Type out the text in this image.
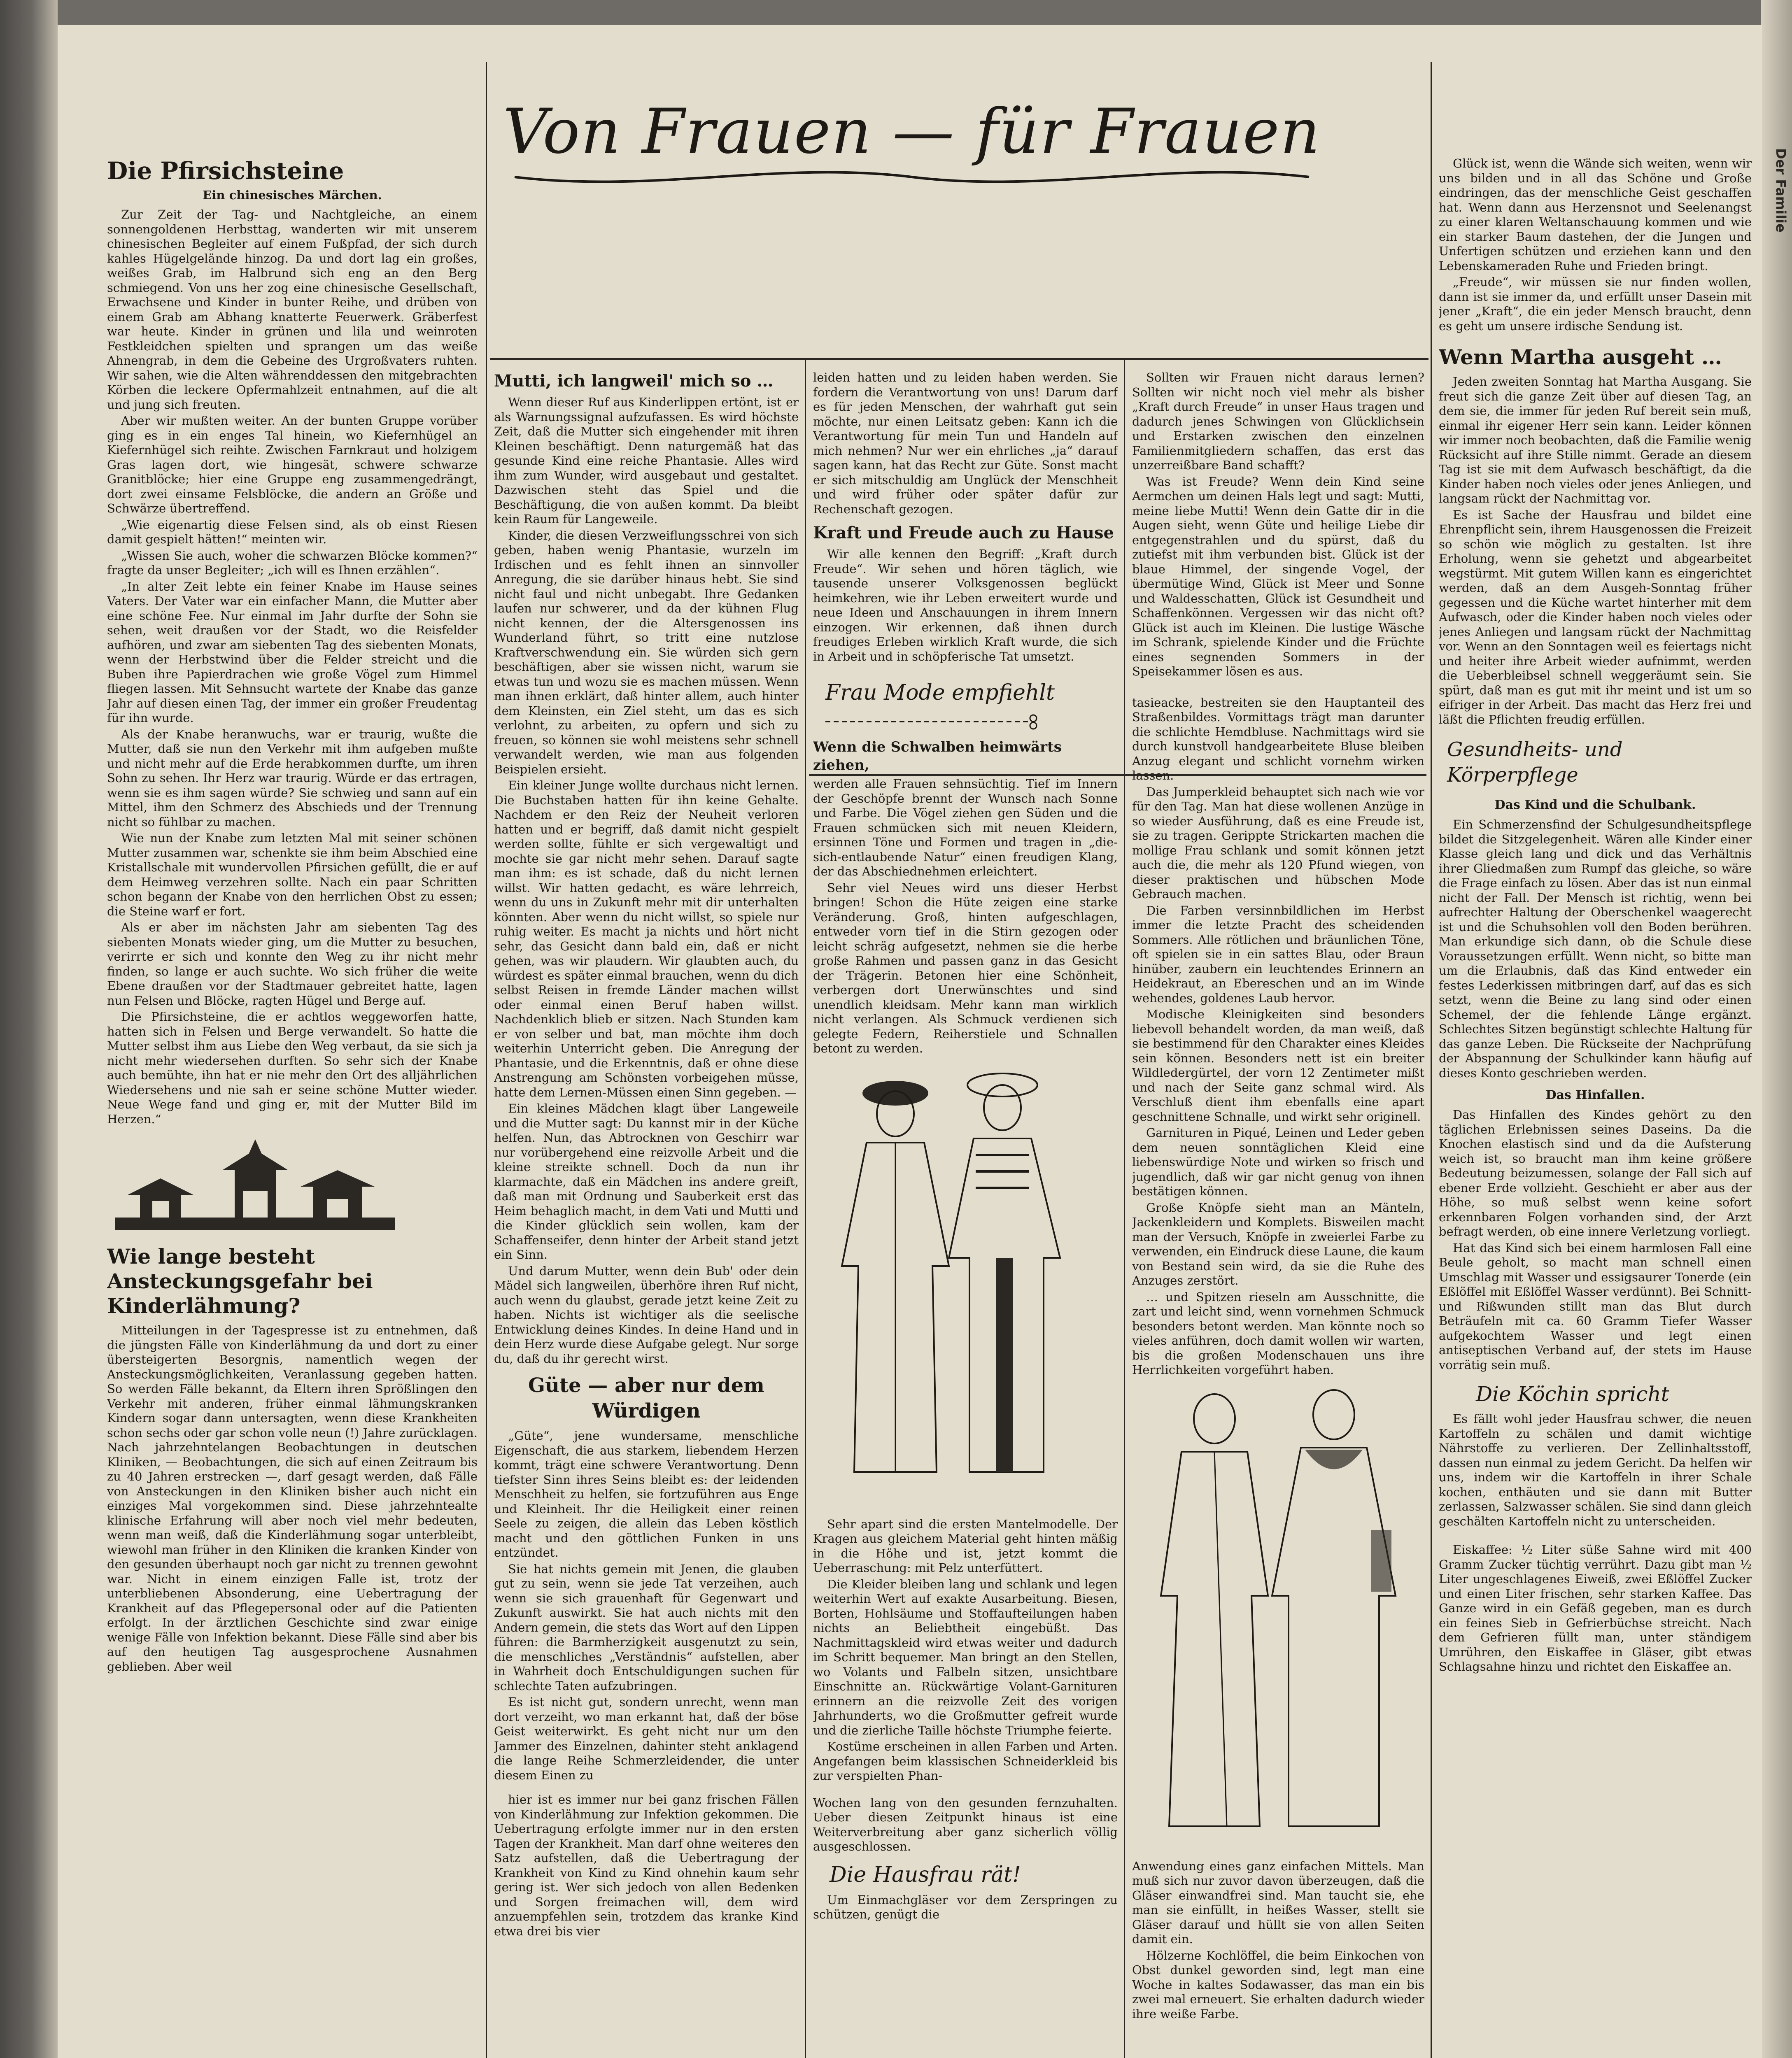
Von Frauen — für Frauen
Die Pfirsichsteine
Ein chinesisches Märchen.

Zur Zeit der Tag- und Nachtgleiche, an einem sonnengoldenen Herbsttag, wanderten wir mit unserem chinesischen Begleiter auf einem Fußpfad, der sich durch kahles Hügelgelände hinzog. Da und dort lag ein großes, weißes Grab, im Halbrund sich eng an den Berg schmiegend. Von uns her zog eine chinesische Gesellschaft, Erwachsene und Kinder in bunter Reihe, und drüben von einem Grab am Abhang knatterte Feuerwerk. Gräberfest war heute. Kinder in grünen und lila und weinroten Festkleidchen spielten und sprangen um das weiße Ahnengrab, in dem die Gebeine des Urgroßvaters ruhten. Wir sahen, wie die Alten währenddessen den mitgebrachten Körben die leckere Opfermahlzeit entnahmen, auf die alt und jung sich freuten.

Aber wir mußten weiter. An der bunten Gruppe vorüber ging es in ein enges Tal hinein, wo Kiefernhügel an Kiefernhügel sich reihte. Zwischen Farnkraut und holzigem Gras lagen dort, wie hingesät, schwere schwarze Granitblöcke; hier eine Gruppe eng zusammengedrängt, dort zwei einsame Felsblöcke, die andern an Größe und Schwärze übertreffend.

„Wie eigenartig diese Felsen sind, als ob einst Riesen damit gespielt hätten!“ meinten wir.

„Wissen Sie auch, woher die schwarzen Blöcke kommen?“ fragte da unser Begleiter; „ich will es Ihnen erzählen“.

„In alter Zeit lebte ein feiner Knabe im Hause seines Vaters. Der Vater war ein einfacher Mann, die Mutter aber eine schöne Fee. Nur einmal im Jahr durfte der Sohn sie sehen, weit draußen vor der Stadt, wo die Reisfelder aufhören, und zwar am siebenten Tag des siebenten Monats, wenn der Herbstwind über die Felder streicht und die Buben ihre Papierdrachen wie große Vögel zum Himmel fliegen lassen. Mit Sehnsucht wartete der Knabe das ganze Jahr auf diesen einen Tag, der immer ein großer Freudentag für ihn wurde.

Als der Knabe heranwuchs, war er traurig, wußte die Mutter, daß sie nun den Verkehr mit ihm aufgeben mußte und nicht mehr auf die Erde herabkommen durfte, um ihren Sohn zu sehen. Ihr Herz war traurig. Würde er das ertragen, wenn sie es ihm sagen würde? Sie schwieg und sann auf ein Mittel, ihm den Schmerz des Abschieds und der Trennung nicht so fühlbar zu machen.

Wie nun der Knabe zum letzten Mal mit seiner schönen Mutter zusammen war, schenkte sie ihm beim Abschied eine Kristallschale mit wundervollen Pfirsichen gefüllt, die er auf dem Heimweg verzehren sollte. Nach ein paar Schritten schon begann der Knabe von den herrlichen Obst zu essen; die Steine warf er fort.

Als er aber im nächsten Jahr am siebenten Tag des siebenten Monats wieder ging, um die Mutter zu besuchen, verirrte er sich und konnte den Weg zu ihr nicht mehr finden, so lange er auch suchte. Wo sich früher die weite Ebene draußen vor der Stadtmauer gebreitet hatte, lagen nun Felsen und Blöcke, ragten Hügel und Berge auf.

Die Pfirsichsteine, die er achtlos weggeworfen hatte, hatten sich in Felsen und Berge verwandelt. So hatte die Mutter selbst ihm aus Liebe den Weg verbaut, da sie sich ja nicht mehr wiedersehen durften. So sehr sich der Knabe auch bemühte, ihn hat er nie mehr den Ort des alljährlichen Wiedersehens und nie sah er seine schöne Mutter wieder. Neue Wege fand und ging er, mit der Mutter Bild im Herzen.“

Wie lange besteht Ansteckungsgefahr bei Kinderlähmung?

Mitteilungen in der Tagespresse ist zu entnehmen, daß die jüngsten Fälle von Kinderlähmung da und dort zu einer übersteigerten Besorgnis, namentlich wegen der Ansteckungsmöglichkeiten, Veranlassung gegeben hatten. So werden Fälle bekannt, da Eltern ihren Sprößlingen den Verkehr mit anderen, früher einmal lähmungskranken Kindern sogar dann untersagten, wenn diese Krankheiten schon sechs oder gar schon volle neun (!) Jahre zurücklagen. Nach jahrzehntelangen Beobachtungen in deutschen Kliniken, — Beobachtungen, die sich auf einen Zeitraum bis zu 40 Jahren erstrecken —, darf gesagt werden, daß Fälle von Ansteckungen in den Kliniken bisher auch nicht ein einziges Mal vorgekommen sind. Diese jahrzehntealte klinische Erfahrung will aber noch viel mehr bedeuten, wenn man weiß, daß die Kinderlähmung sogar unterbleibt, wiewohl man früher in den Kliniken die kranken Kinder von den gesunden überhaupt noch gar nicht zu trennen gewohnt war. Nicht in einem einzigen Falle ist, trotz der unterbliebenen Absonderung, eine Uebertragung der Krankheit auf das Pflegepersonal oder auf die Patienten erfolgt. In der ärztlichen Geschichte sind zwar einige wenige Fälle von Infektion bekannt. Diese Fälle sind aber bis auf den heutigen Tag ausgesprochene Ausnahmen geblieben. Aber weil

Mutti, ich langweil' mich so …

Wenn dieser Ruf aus Kinderlippen ertönt, ist er als Warnungssignal aufzufassen. Es wird höchste Zeit, daß die Mutter sich eingehender mit ihren Kleinen beschäftigt. Denn naturgemäß hat das gesunde Kind eine reiche Phantasie. Alles wird ihm zum Wunder, wird ausgebaut und gestaltet. Dazwischen steht das Spiel und die Beschäftigung, die von außen kommt. Da bleibt kein Raum für Langeweile.

Kinder, die diesen Verzweiflungsschrei von sich geben, haben wenig Phantasie, wurzeln im Irdischen und es fehlt ihnen an sinnvoller Anregung, die sie darüber hinaus hebt. Sie sind nicht faul und nicht unbegabt. Ihre Gedanken laufen nur schwerer, und da der kühnen Flug nicht kennen, der die Altersgenossen ins Wunderland führt, so tritt eine nutzlose Kraftverschwendung ein. Sie würden sich gern beschäftigen, aber sie wissen nicht, warum sie etwas tun und wozu sie es machen müssen. Wenn man ihnen erklärt, daß hinter allem, auch hinter dem Kleinsten, ein Ziel steht, um das es sich verlohnt, zu arbeiten, zu opfern und sich zu freuen, so können sie wohl meistens sehr schnell verwandelt werden, wie man aus folgenden Beispielen ersieht.

Ein kleiner Junge wollte durchaus nicht lernen. Die Buchstaben hatten für ihn keine Gehalte. Nachdem er den Reiz der Neuheit verloren hatten und er begriff, daß damit nicht gespielt werden sollte, fühlte er sich vergewaltigt und mochte sie gar nicht mehr sehen. Darauf sagte man ihm: es ist schade, daß du nicht lernen willst. Wir hatten gedacht, es wäre lehrreich, wenn du uns in Zukunft mehr mit dir unterhalten könnten. Aber wenn du nicht willst, so spiele nur ruhig weiter. Es macht ja nichts und hört nicht sehr, das Gesicht dann bald ein, daß er nicht gehen, was wir plaudern. Wir glaubten auch, du würdest es später einmal brauchen, wenn du dich selbst Reisen in fremde Länder machen willst oder einmal einen Beruf haben willst. Nachdenklich blieb er sitzen. Nach Stunden kam er von selber und bat, man möchte ihm doch weiterhin Unterricht geben. Die Anregung der Phantasie, und die Erkenntnis, daß er ohne diese Anstrengung am Schönsten vorbeigehen müsse, hatte dem Lernen-Müssen einen Sinn gegeben. —

Ein kleines Mädchen klagt über Langeweile und die Mutter sagt: Du kannst mir in der Küche helfen. Nun, das Abtrocknen von Geschirr war nur vorübergehend eine reizvolle Arbeit und die kleine streikte schnell. Doch da nun ihr klarmachte, daß ein Mädchen ins andere greift, daß man mit Ordnung und Sauberkeit erst das Heim behaglich macht, in dem Vati und Mutti und die Kinder glücklich sein wollen, kam der Schaffenseifer, denn hinter der Arbeit stand jetzt ein Sinn.

Und darum Mutter, wenn dein Bub' oder dein Mädel sich langweilen, überhöre ihren Ruf nicht, auch wenn du glaubst, gerade jetzt keine Zeit zu haben. Nichts ist wichtiger als die seelische Entwicklung deines Kindes. In deine Hand und in dein Herz wurde diese Aufgabe gelegt. Nur sorge du, daß du ihr gerecht wirst.

Güte — aber nur dem Würdigen

„Güte“, jene wundersame, menschliche Eigenschaft, die aus starkem, liebendem Herzen kommt, trägt eine schwere Verantwortung. Denn tiefster Sinn ihres Seins bleibt es: der leidenden Menschheit zu helfen, sie fortzuführen aus Enge und Kleinheit. Ihr die Heiligkeit einer reinen Seele zu zeigen, die allein das Leben köstlich macht und den göttlichen Funken in uns entzündet.

Sie hat nichts gemein mit Jenen, die glauben gut zu sein, wenn sie jede Tat verzeihen, auch wenn sie sich grauenhaft für Gegenwart und Zukunft auswirkt. Sie hat auch nichts mit den Andern gemein, die stets das Wort auf den Lippen führen: die Barmherzigkeit ausgenutzt zu sein, die menschliches „Verständnis“ aufstellen, aber in Wahrheit doch Entschuldigungen suchen für schlechte Taten aufzubringen.

Es ist nicht gut, sondern unrecht, wenn man dort verzeiht, wo man erkannt hat, daß der böse Geist weiterwirkt. Es geht nicht nur um den Jammer des Einzelnen, dahinter steht anklagend die lange Reihe Schmerzleidender, die unter diesem Einen zu

hier ist es immer nur bei ganz frischen Fällen von Kinderlähmung zur Infektion gekommen. Die Uebertragung erfolgte immer nur in den ersten Tagen der Krankheit. Man darf ohne weiteres den Satz aufstellen, daß die Uebertragung der Krankheit von Kind zu Kind ohnehin kaum sehr gering ist. Wer sich jedoch von allen Bedenken und Sorgen freimachen will, dem wird anzuempfehlen sein, trotzdem das kranke Kind etwa drei bis vier

leiden hatten und zu leiden haben werden. Sie fordern die Verantwortung von uns! Darum darf es für jeden Menschen, der wahrhaft gut sein möchte, nur einen Leitsatz geben: Kann ich die Verantwortung für mein Tun und Handeln auf mich nehmen? Nur wer ein ehrliches „ja“ darauf sagen kann, hat das Recht zur Güte. Sonst macht er sich mitschuldig am Unglück der Menschheit und wird früher oder später dafür zur Rechenschaft gezogen.

Kraft und Freude auch zu Hause

Wir alle kennen den Begriff: „Kraft durch Freude“. Wir sehen und hören täglich, wie tausende unserer Volksgenossen beglückt heimkehren, wie ihr Leben erweitert wurde und neue Ideen und Anschauungen in ihrem Innern einzogen. Wir erkennen, daß ihnen durch freudiges Erleben wirklich Kraft wurde, die sich in Arbeit und in schöpferische Tat umsetzt.

Frau Mode empfiehlt
Wenn die Schwalben heimwärts ziehen,

werden alle Frauen sehnsüchtig. Tief im Innern der Geschöpfe brennt der Wunsch nach Sonne und Farbe. Die Vögel ziehen gen Süden und die Frauen schmücken sich mit neuen Kleidern, ersinnen Töne und Formen und tragen in „die-sich-entlaubende Natur“ einen freudigen Klang, der das Abschiednehmen erleichtert.

Sehr viel Neues wird uns dieser Herbst bringen! Schon die Hüte zeigen eine starke Veränderung. Groß, hinten aufgeschlagen, entweder vorn tief in die Stirn gezogen oder leicht schräg aufgesetzt, nehmen sie die herbe große Rahmen und passen ganz in das Gesicht der Trägerin. Betonen hier eine Schönheit, verbergen dort Unerwünschtes und sind unendlich kleidsam. Mehr kann man wirklich nicht verlangen. Als Schmuck verdienen sich gelegte Federn, Reiherstiele und Schnallen betont zu werden.

Sehr apart sind die ersten Mantelmodelle. Der Kragen aus gleichem Material geht hinten mäßig in die Höhe und ist, jetzt kommt die Ueberraschung: mit Pelz unterfüttert.

Die Kleider bleiben lang und schlank und legen weiterhin Wert auf exakte Ausarbeitung. Biesen, Borten, Hohlsäume und Stoffaufteilungen haben nichts an Beliebtheit eingebüßt. Das Nachmittagskleid wird etwas weiter und dadurch im Schritt bequemer. Man bringt an den Stellen, wo Volants und Falbeln sitzen, unsichtbare Einschnitte an. Rückwärtige Volant-Garnituren erinnern an die reizvolle Zeit des vorigen Jahrhunderts, wo die Großmutter gefreit wurde und die zierliche Taille höchste Triumphe feierte.

Kostüme erscheinen in allen Farben und Arten. Angefangen beim klassischen Schneiderkleid bis zur verspielten Phan-

Wochen lang von den gesunden fernzuhalten. Ueber diesen Zeitpunkt hinaus ist eine Weiterverbreitung aber ganz sicherlich völlig ausgeschlossen.

Die Hausfrau rät!

Um Einmachgläser vor dem Zerspringen zu schützen, genügt die

Sollten wir Frauen nicht daraus lernen? Sollten wir nicht noch viel mehr als bisher „Kraft durch Freude“ in unser Haus tragen und dadurch jenes Schwingen von Glücklichsein und Erstarken zwischen den einzelnen Familienmitgliedern schaffen, das erst das unzerreißbare Band schafft?

Was ist Freude? Wenn dein Kind seine Aermchen um deinen Hals legt und sagt: Mutti, meine liebe Mutti! Wenn dein Gatte dir in die Augen sieht, wenn Güte und heilige Liebe dir entgegenstrahlen und du spürst, daß du zutiefst mit ihm verbunden bist. Glück ist der blaue Himmel, der singende Vogel, der übermütige Wind, Glück ist Meer und Sonne und Waldesschatten, Glück ist Gesundheit und Schaffenkönnen. Vergessen wir das nicht oft? Glück ist auch im Kleinen. Die lustige Wäsche im Schrank, spielende Kinder und die Früchte eines segnenden Sommers in der Speisekammer lösen es aus.

tasieacke, bestreiten sie den Hauptanteil des Straßenbildes. Vormittags trägt man darunter die schlichte Hemdbluse. Nachmittags wird sie durch kunstvoll handgearbeitete Bluse bleiben Anzug elegant und schlicht vornehm wirken lassen.

Das Jumperkleid behauptet sich nach wie vor für den Tag. Man hat diese wollenen Anzüge in so wieder Ausführung, daß es eine Freude ist, sie zu tragen. Gerippte Strickarten machen die mollige Frau schlank und somit können jetzt auch die, die mehr als 120 Pfund wiegen, von dieser praktischen und hübschen Mode Gebrauch machen.

Die Farben versinnbildlichen im Herbst immer die letzte Pracht des scheidenden Sommers. Alle rötlichen und bräunlichen Töne, oft spielen sie in ein sattes Blau, oder Braun hinüber, zaubern ein leuchtendes Erinnern an Heidekraut, an Ebereschen und an im Winde wehendes, goldenes Laub hervor.

Modische Kleinigkeiten sind besonders liebevoll behandelt worden, da man weiß, daß sie bestimmend für den Charakter eines Kleides sein können. Besonders nett ist ein breiter Wildledergürtel, der vorn 12 Zentimeter mißt und nach der Seite ganz schmal wird. Als Verschluß dient ihm ebenfalls eine apart geschnittene Schnalle, und wirkt sehr originell.

Garnituren in Piqué, Leinen und Leder geben dem neuen sonntäglichen Kleid eine liebenswürdige Note und wirken so frisch und jugendlich, daß wir gar nicht genug von ihnen bestätigen können.

Große Knöpfe sieht man an Mänteln, Jackenkleidern und Komplets. Bisweilen macht man der Versuch, Knöpfe in zweierlei Farbe zu verwenden, ein Eindruck diese Laune, die kaum von Bestand sein wird, da sie die Ruhe des Anzuges zerstört.

… und Spitzen rieseln am Ausschnitte, die zart und leicht sind, wenn vornehmen Schmuck besonders betont werden. Man könnte noch so vieles anführen, doch damit wollen wir warten, bis die großen Modenschauen uns ihre Herrlichkeiten vorgeführt haben.

Anwendung eines ganz einfachen Mittels. Man muß sich nur zuvor davon überzeugen, daß die Gläser einwandfrei sind. Man taucht sie, ehe man sie einfüllt, in heißes Wasser, stellt sie Gläser darauf und hüllt sie von allen Seiten damit ein.

Hölzerne Kochlöffel, die beim Einkochen von Obst dunkel geworden sind, legt man eine Woche in kaltes Sodawasser, das man ein bis zwei mal erneuert. Sie erhalten dadurch wieder ihre weiße Farbe.

Glück ist, wenn die Wände sich weiten, wenn wir uns bilden und in all das Schöne und Große eindringen, das der menschliche Geist geschaffen hat. Wenn dann aus Herzensnot und Seelenangst zu einer klaren Weltanschauung kommen und wie ein starker Baum dastehen, der die Jungen und Unfertigen schützen und erziehen kann und den Lebenskameraden Ruhe und Frieden bringt.

„Freude“, wir müssen sie nur finden wollen, dann ist sie immer da, und erfüllt unser Dasein mit jener „Kraft“, die ein jeder Mensch braucht, denn es geht um unsere irdische Sendung ist.

Wenn Martha ausgeht …

Jeden zweiten Sonntag hat Martha Ausgang. Sie freut sich die ganze Zeit über auf diesen Tag, an dem sie, die immer für jeden Ruf bereit sein muß, einmal ihr eigener Herr sein kann. Leider können wir immer noch beobachten, daß die Familie wenig Rücksicht auf ihre Stille nimmt. Gerade an diesem Tag ist sie mit dem Aufwasch beschäftigt, da die Kinder haben noch vieles oder jenes Anliegen, und langsam rückt der Nachmittag vor.

Es ist Sache der Hausfrau und bildet eine Ehrenpflicht sein, ihrem Hausgenossen die Freizeit so schön wie möglich zu gestalten. Ist ihre Erholung, wenn sie gehetzt und abgearbeitet wegstürmt. Mit gutem Willen kann es eingerichtet werden, daß an dem Ausgeh-Sonntag früher gegessen und die Küche wartet hinterher mit dem Aufwasch, oder die Kinder haben noch vieles oder jenes Anliegen und langsam rückt der Nachmittag vor. Wenn an den Sonntagen weil es feiertags nicht und heiter ihre Arbeit wieder aufnimmt, werden die Ueberbleibsel schnell weggeräumt sein. Sie spürt, daß man es gut mit ihr meint und ist um so eifriger in der Arbeit. Das macht das Herz frei und läßt die Pflichten freudig erfüllen.

Gesundheits- und Körperpflege
Das Kind und die Schulbank.

Ein Schmerzensfind der Schulgesundheitspflege bildet die Sitzgelegenheit. Wären alle Kinder einer Klasse gleich lang und dick und das Verhältnis ihrer Gliedmaßen zum Rumpf das gleiche, so wäre die Frage einfach zu lösen. Aber das ist nun einmal nicht der Fall. Der Mensch ist richtig, wenn bei aufrechter Haltung der Oberschenkel waagerecht ist und die Schuhsohlen voll den Boden berühren. Man erkundige sich dann, ob die Schule diese Voraussetzungen erfüllt. Wenn nicht, so bitte man um die Erlaubnis, daß das Kind entweder ein festes Lederkissen mitbringen darf, auf das es sich setzt, wenn die Beine zu lang sind oder einen Schemel, der die fehlende Länge ergänzt. Schlechtes Sitzen begünstigt schlechte Haltung für das ganze Leben. Die Rückseite der Nachprüfung der Abspannung der Schulkinder kann häufig auf dieses Konto geschrieben werden.

Das Hinfallen.

Das Hinfallen des Kindes gehört zu den täglichen Erlebnissen seines Daseins. Da die Knochen elastisch sind und da die Aufsterung weich ist, so braucht man ihm keine größere Bedeutung beizumessen, solange der Fall sich auf ebener Erde vollzieht. Geschieht er aber aus der Höhe, so muß selbst wenn keine sofort erkennbaren Folgen vorhanden sind, der Arzt befragt werden, ob eine innere Verletzung vorliegt.

Hat das Kind sich bei einem harmlosen Fall eine Beule geholt, so macht man schnell einen Umschlag mit Wasser und essigsaurer Tonerde (ein Eßlöffel mit Eßlöffel Wasser verdünnt). Bei Schnitt- und Rißwunden stillt man das Blut durch Beträufeln mit ca. 60 Gramm Tiefer Wasser aufgekochtem Wasser und legt einen antiseptischen Verband auf, der stets im Hause vorrätig sein muß.

Die Köchin spricht

Es fällt wohl jeder Hausfrau schwer, die neuen Kartoffeln zu schälen und damit wichtige Nährstoffe zu verlieren. Der Zellinhaltsstoff, dassen nun einmal zu jedem Gericht. Da helfen wir uns, indem wir die Kartoffeln in ihrer Schale kochen, enthäuten und sie dann mit Butter zerlassen, Salzwasser schälen. Sie sind dann gleich geschälten Kartoffeln nicht zu unterscheiden.

Eiskaffee: ½ Liter süße Sahne wird mit 400 Gramm Zucker tüchtig verrührt. Dazu gibt man ½ Liter ungeschlagenes Eiweiß, zwei Eßlöffel Zucker und einen Liter frischen, sehr starken Kaffee. Das Ganze wird in ein Gefäß gegeben, man es durch ein feines Sieb in Gefrierbüchse streicht. Nach dem Gefrieren füllt man, unter ständigem Umrühren, den Eiskaffee in Gläser, gibt etwas Schlagsahne hinzu und richtet den Eiskaffee an.

Der Familie
